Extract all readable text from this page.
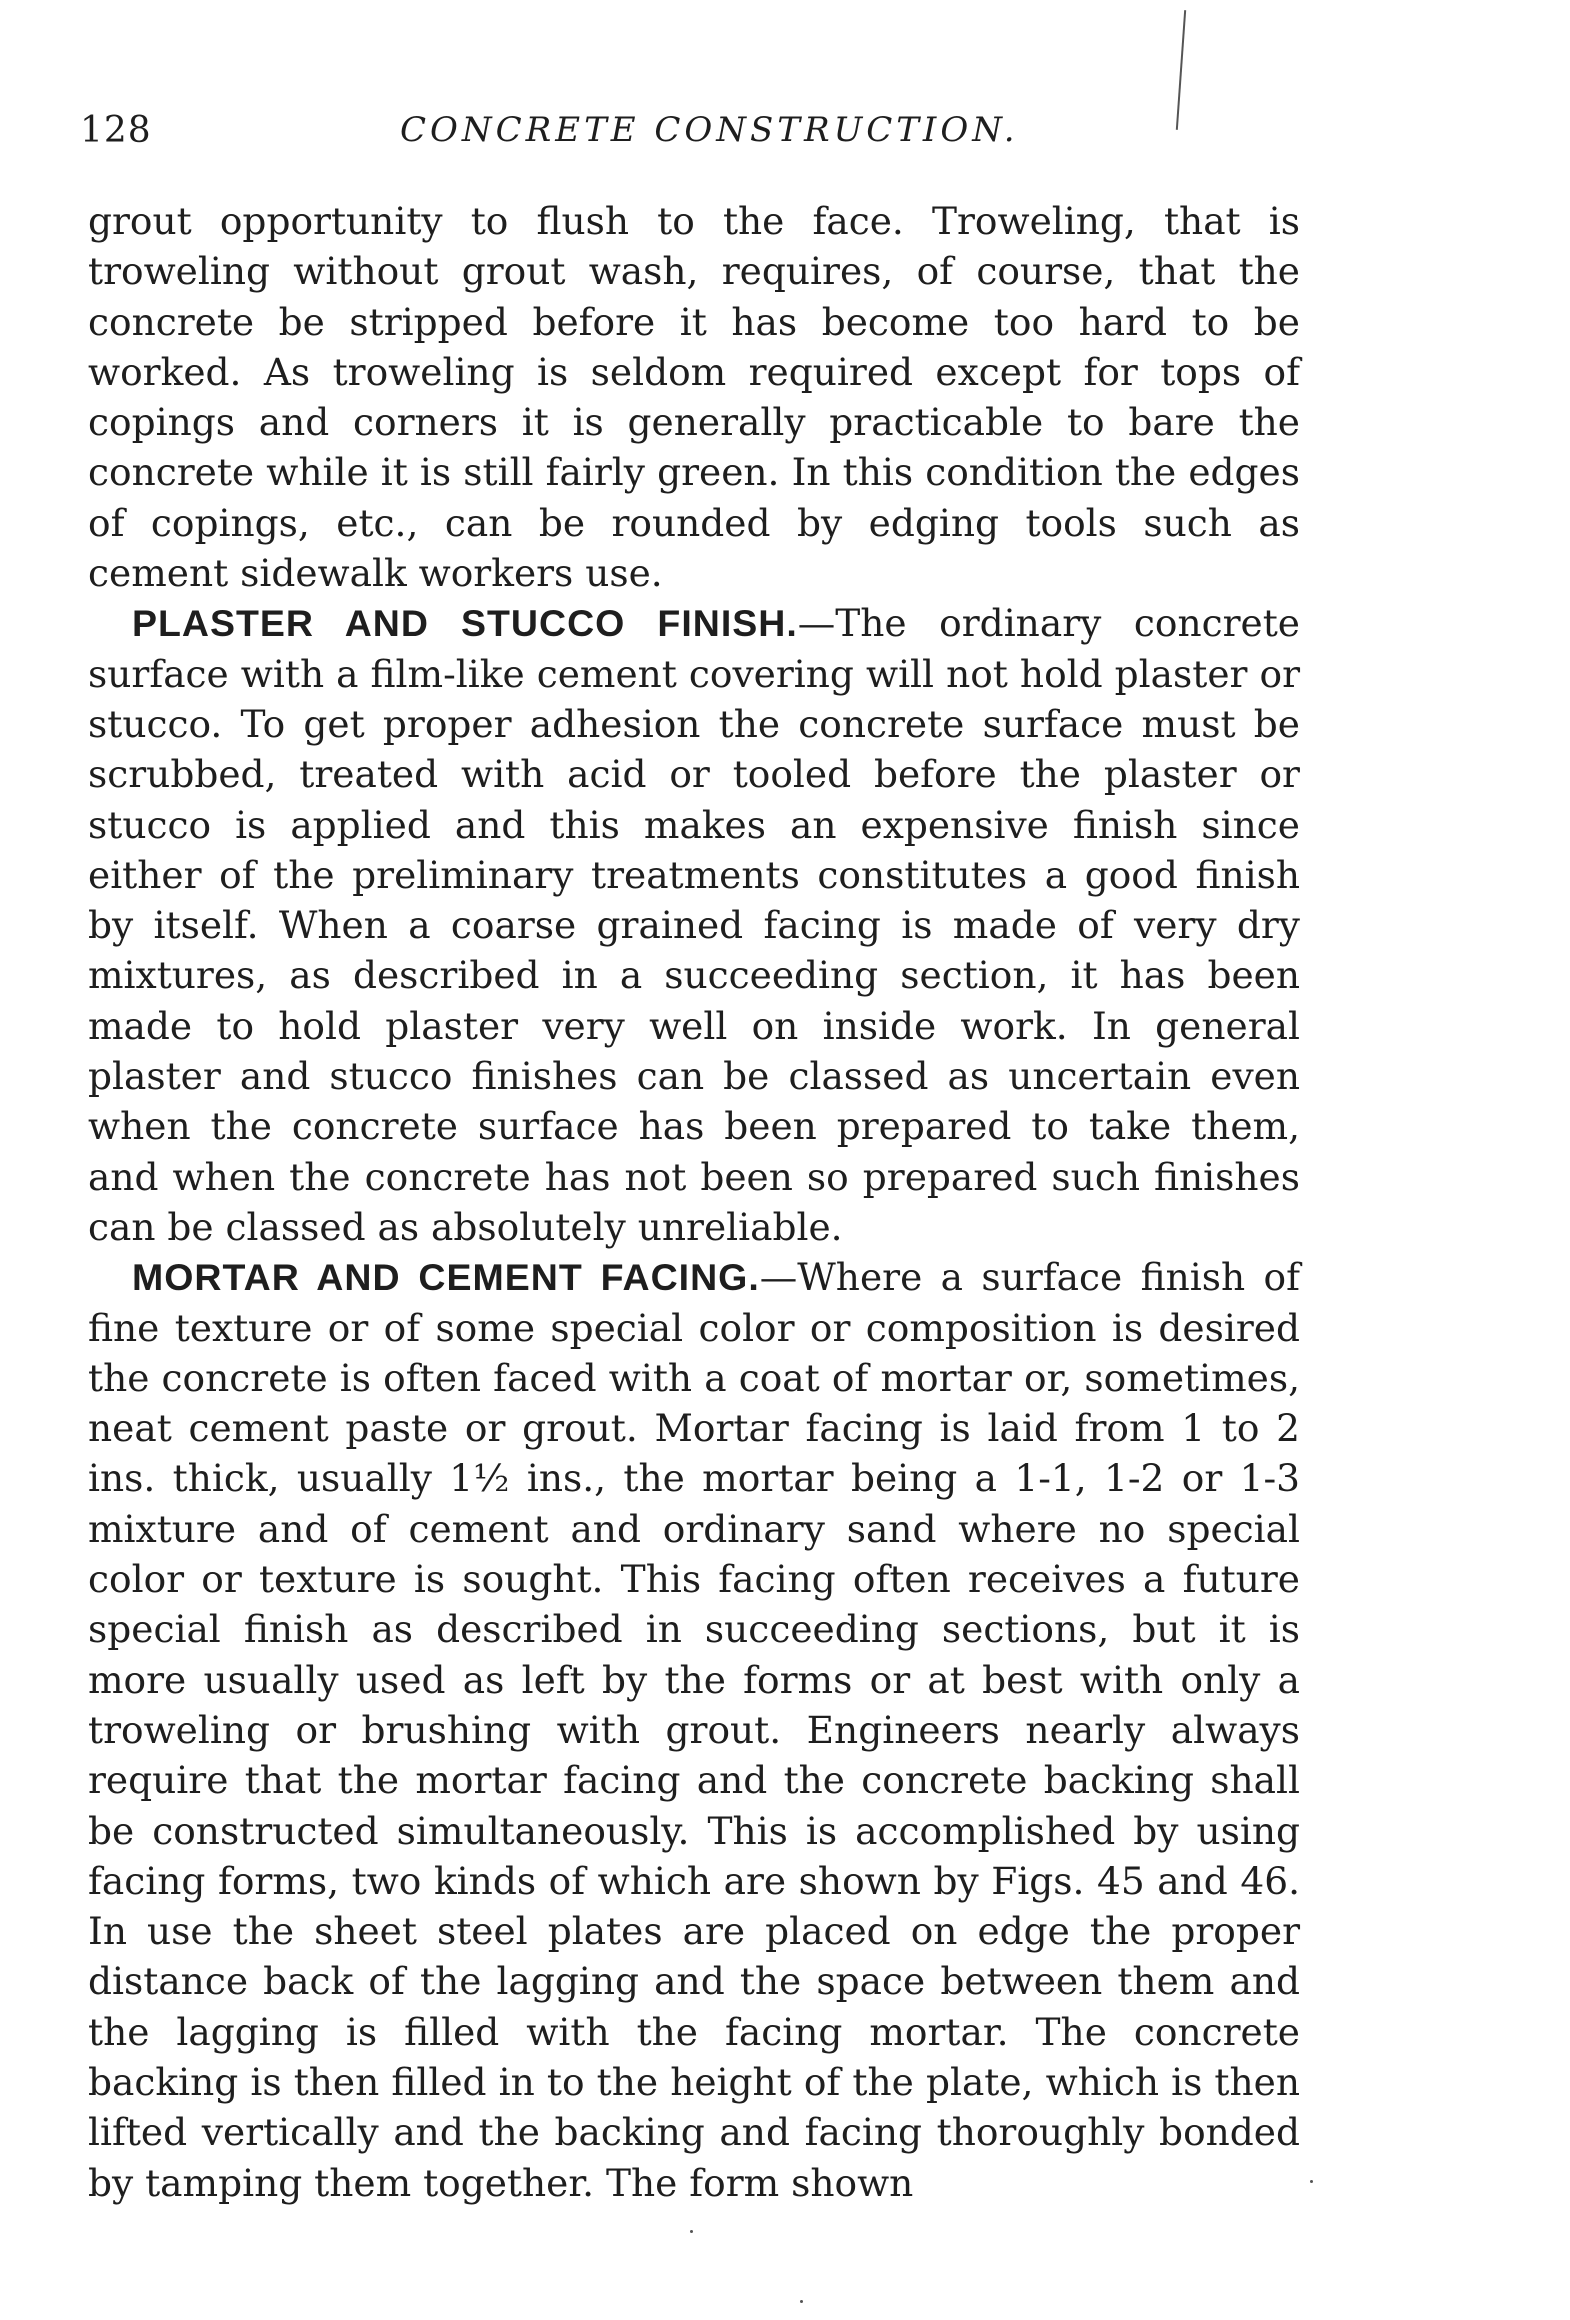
128	CONCRETE CONSTRUCTION.

grout opportunity to flush to the face. Troweling, that is troweling without grout wash, requires, of course, that the concrete be stripped before it has become too hard to be worked. As troweling is seldom required except for tops of copings and corners it is generally practicable to bare the concrete while it is still fairly green. In this condition the edges of copings, etc., can be rounded by edging tools such as cement sidewalk workers use.

PLASTER AND STUCCO FINISH.—The ordinary concrete surface with a film-like cement covering will not hold plaster or stucco. To get proper adhesion the concrete surface must be scrubbed, treated with acid or tooled before the plaster or stucco is applied and this makes an expensive finish since either of the preliminary treatments constitutes a good finish by itself. When a coarse grained facing is made of very dry mixtures, as described in a succeeding section, it has been made to hold plaster very well on inside work. In general plaster and stucco finishes can be classed as uncertain even when the concrete surface has been prepared to take them, and when the concrete has not been so prepared such finishes can be classed as absolutely unreliable.

MORTAR AND CEMENT FACING.—Where a surface finish of fine texture or of some special color or composition is desired the concrete is often faced with a coat of mortar or, sometimes, neat cement paste or grout. Mortar facing is laid from 1 to 2 ins. thick, usually 1½ ins., the mortar being a 1-1, 1-2 or 1-3 mixture and of cement and ordinary sand where no special color or texture is sought. This facing often receives a future special finish as described in succeeding sections, but it is more usually used as left by the forms or at best with only a troweling or brushing with grout. Engineers nearly always require that the mortar facing and the concrete backing shall be constructed simultaneously. This is accomplished by using facing forms, two kinds of which are shown by Figs. 45 and 46. In use the sheet steel plates are placed on edge the proper distance back of the lagging and the space between them and the lagging is filled with the facing mortar. The concrete backing is then filled in to the height of the plate, which is then lifted vertically and the backing and facing thoroughly bonded by tamping them together. The form shown
